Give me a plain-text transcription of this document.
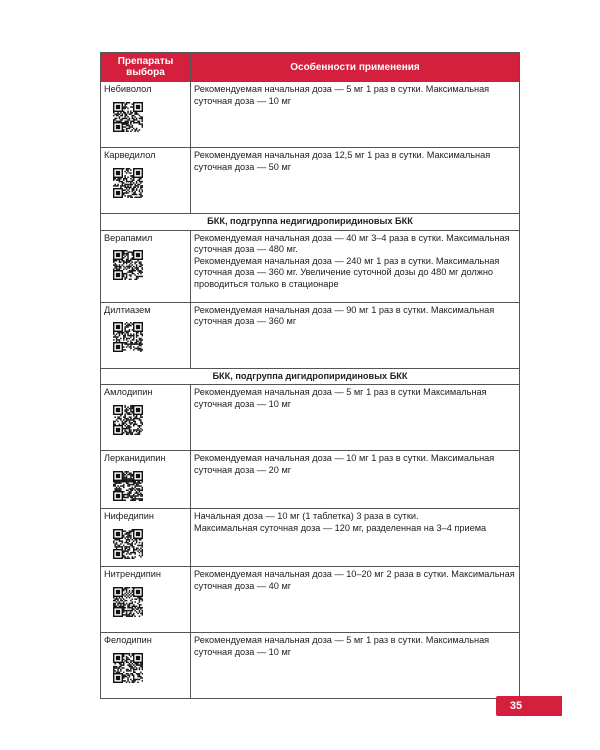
Препараты выбора	Особенности применения

Небиволол	Рекомендуемая начальная доза — 5 мг 1 раз в сутки. Максимальная суточная доза — 10 мг

Карведилол	Рекомендуемая начальная доза 12,5 мг 1 раз в сутки. Максимальная суточная доза — 50 мг
БКК, подгруппа недигидропиридиновых БКК	

Верапамил	Рекомендуемая начальная доза — 40 мг 3–4 раза в сутки. Максимальная суточная доза — 480 мг.
Рекомендуемая начальная доза — 240 мг 1 раз в сутки. Максимальная суточная доза — 360 мг. Увеличение суточной дозы до 480 мг должно проводиться только в стационаре

Дилтиазем	Рекомендуемая начальная доза — 90 мг 1 раз в сутки. Максимальная суточная доза — 360 мг
БКК, подгруппа дигидропиридиновых БКК	

Амлодипин	Рекомендуемая начальная доза — 5 мг 1 раз в сутки Максимальная суточная доза — 10 мг

Лерканидипин	Рекомендуемая начальная доза — 10 мг 1 раз в сутки. Максимальная суточная доза — 20 мг

Нифедипин	Начальная доза — 10 мг (1 таблетка) 3 раза в сутки.
Максимальная суточная доза — 120 мг, разделенная на 3–4 приема

Нитрендипин	Рекомендуемая начальная доза — 10–20 мг 2 раза в сутки. Максимальная суточная доза — 40 мг

Фелодипин	Рекомендуемая начальная доза — 5 мг 1 раз в сутки. Максимальная суточная доза — 10 мг
35
